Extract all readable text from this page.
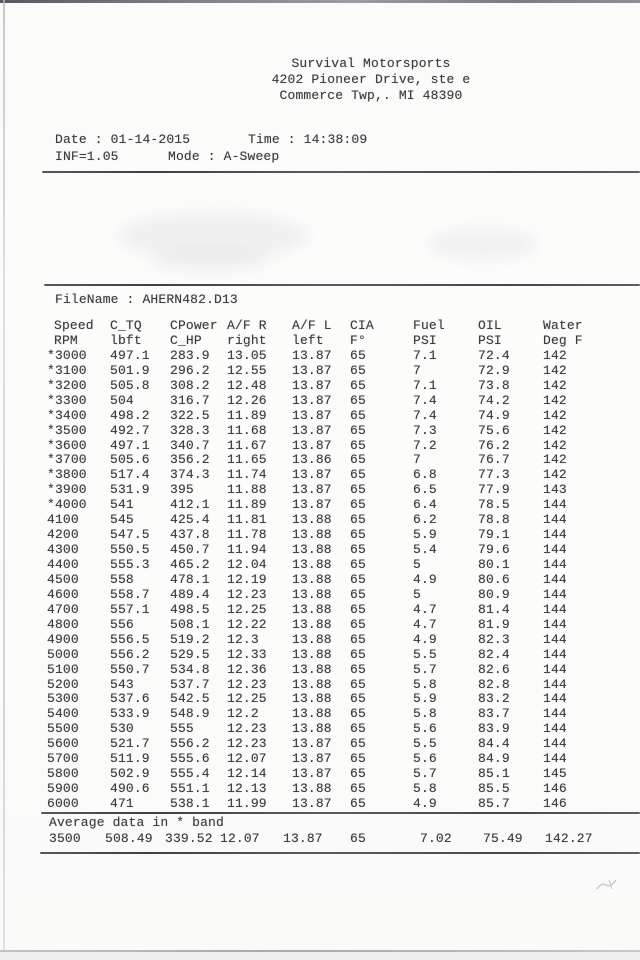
Survival Motorsports
4202 Pioneer Drive, ste e
Commerce Twp,. MI 48390
Date : 01-14-2015	Time : 14:38:09
INF=1.05	Mode : A-Sweep
FileName : AHERN482.D13
Speed C_TQ CPower A/F R A/F L CIA	Fuel	OIL	Water
RPM lbft C_HP right left F°	PSI	PSI	Deg F
*3000 497.1 283.9 13.05 13.87 65	7.1	72.4	142
*3100 501.9 296.2 12.55 13.87 65	7	72.9	142
*3200 505.8 308.2 12.48 13.87 65	7.1	73.8	142
*3300 504	316.7 12.26 13.87 65	7.4	74.2	142
*3400 498.2 322.5 11.89 13.87 65	7.4	74.9	142
*3500 492.7 328.3 11.68 13.87 65	7.3	75.6	142
*3600 497.1 340.7 11.67 13.87 65	7.2	76.2	142
*3700 505.6 356.2 11.65 13.86 65	7	76.7	142
*3800 517.4 374.3 11.74 13.87 65	6.8	77.3	142
*3900 531.9 395	11.88 13.87 65	6.5	77.9	143
*4000 541	412.1 11.89 13.87 65	6.4	78.5	144
4100 545	425.4 11.81 13.88 65	6.2	78.8	144
4200 547.5 437.8 11.78 13.88 65	5.9	79.1	144
4300 550.5 450.7 11.94 13.88 65	5.4	79.6	144
4400 555.3 465.2 12.04 13.88 65	5	80.1	144
4500 558	478.1 12.19 13.88 65	4.9	80.6	144
4600 558.7 489.4 12.23 13.88 65	5	80.9	144
4700 557.1 498.5 12.25 13.88 65	4.7	81.4	144
4800 556	508.1 12.22 13.88 65	4.7	81.9	144
4900 556.5 519.2 12.3	13.88 65	4.9	82.3	144
5000 556.2 529.5 12.33 13.88 65	5.5	82.4	144
5100 550.7 534.8 12.36 13.88 65	5.7	82.6	144
5200 543	537.7 12.23 13.88 65	5.8	82.8	144
5300 537.6 542.5 12.25 13.88 65	5.9	83.2	144
5400 533.9 548.9 12.2	13.88 65	5.8	83.7	144
5500 530	555	12.23 13.88 65	5.6	83.9	144
5600 521.7 556.2 12.23 13.87 65	5.5	84.4	144
5700 511.9 555.6 12.07 13.87 65	5.6	84.9	144
5800 502.9 555.4 12.14 13.87 65	5.7	85.1	145
5900 490.6 551.1 12.13 13.88 65	5.8	85.5	146
6000 471	538.1 11.99 13.87 65	4.9	85.7	146
Average data in * band
3500 508.49 339.52 12.07 13.87 65	7.02 75.49 142.27
